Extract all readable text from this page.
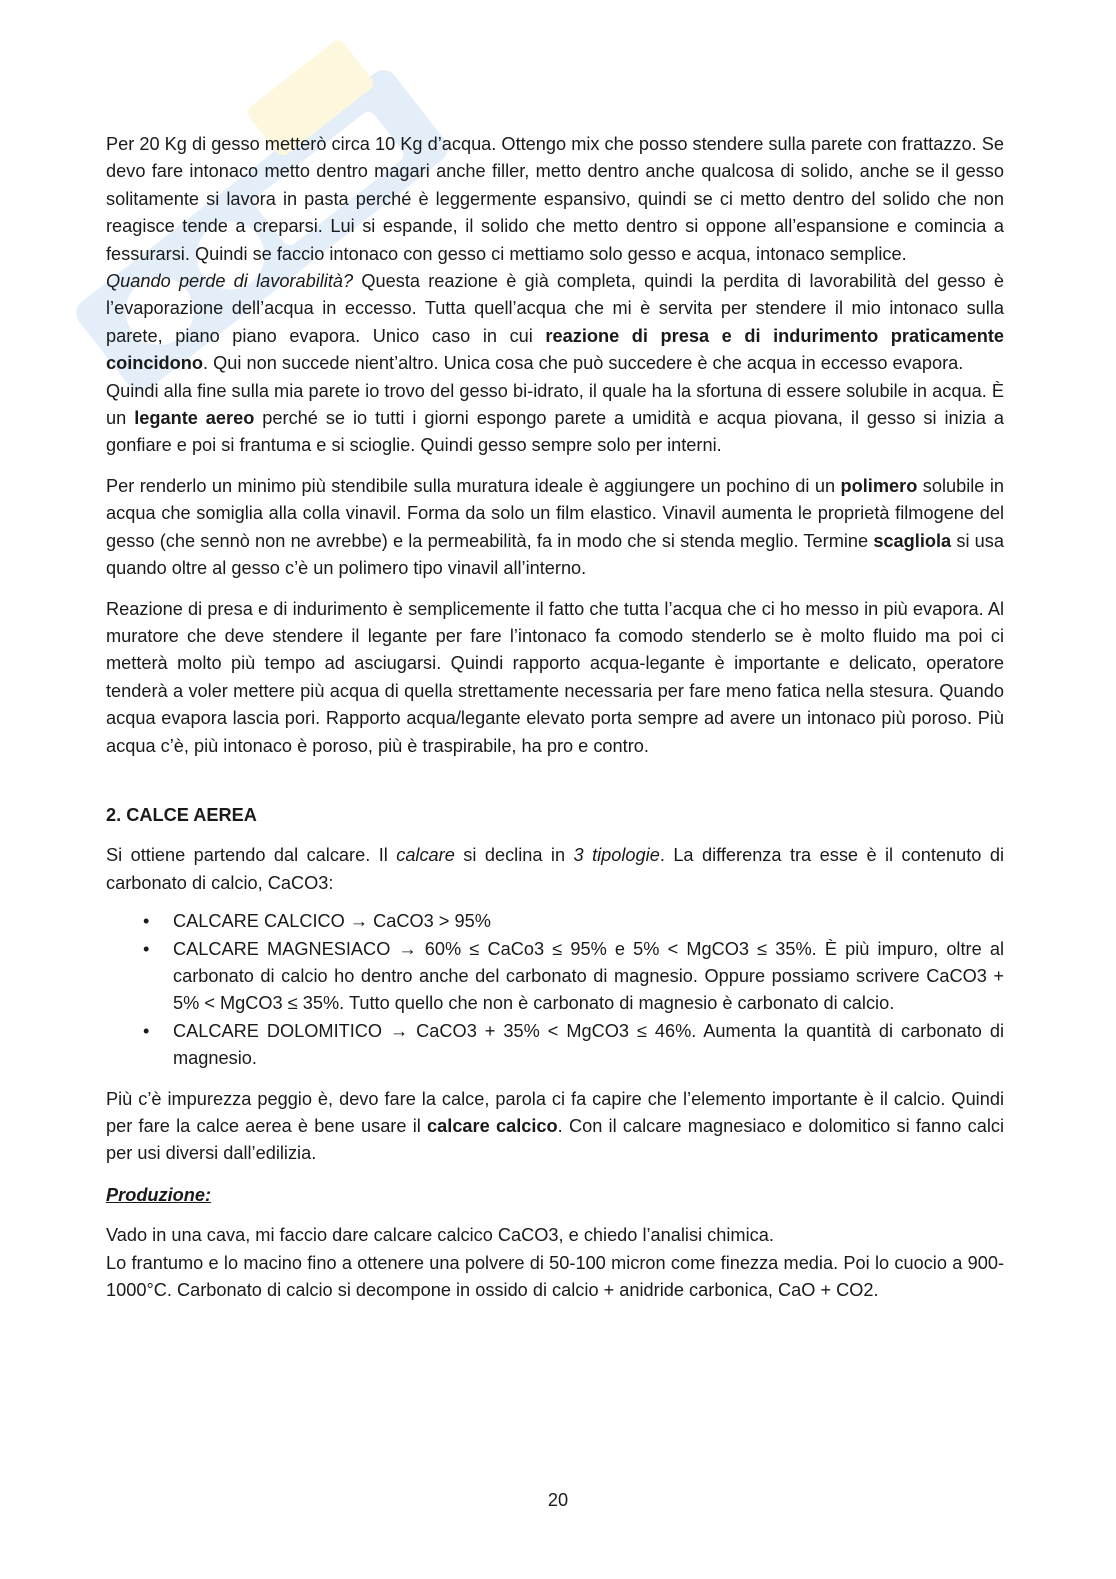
Per 20 Kg di gesso metterò circa 10 Kg d’acqua. Ottengo mix che posso stendere sulla parete con frattazzo. Se devo fare intonaco metto dentro magari anche filler, metto dentro anche qualcosa di solido, anche se il gesso solitamente si lavora in pasta perché è leggermente espansivo, quindi se ci metto dentro del solido che non reagisce tende a creparsi. Lui si espande, il solido che metto dentro si oppone all’espansione e comincia a fessurarsi. Quindi se faccio intonaco con gesso ci mettiamo solo gesso e acqua, intonaco semplice.

Quando perde di lavorabilità? Questa reazione è già completa, quindi la perdita di lavorabilità del gesso è l’evaporazione dell’acqua in eccesso. Tutta quell’acqua che mi è servita per stendere il mio intonaco sulla parete, piano piano evapora. Unico caso in cui reazione di presa e di indurimento praticamente coincidono. Qui non succede nient’altro. Unica cosa che può succedere è che acqua in eccesso evapora.

Quindi alla fine sulla mia parete io trovo del gesso bi-idrato, il quale ha la sfortuna di essere solubile in acqua. È un legante aereo perché se io tutti i giorni espongo parete a umidità e acqua piovana, il gesso si inizia a gonfiare e poi si frantuma e si scioglie. Quindi gesso sempre solo per interni.

Per renderlo un minimo più stendibile sulla muratura ideale è aggiungere un pochino di un polimero solubile in acqua che somiglia alla colla vinavil. Forma da solo un film elastico. Vinavil aumenta le proprietà filmogene del gesso (che sennò non ne avrebbe) e la permeabilità, fa in modo che si stenda meglio. Termine scagliola si usa quando oltre al gesso c’è un polimero tipo vinavil all’interno.

Reazione di presa e di indurimento è semplicemente il fatto che tutta l’acqua che ci ho messo in più evapora. Al muratore che deve stendere il legante per fare l’intonaco fa comodo stenderlo se è molto fluido ma poi ci metterà molto più tempo ad asciugarsi. Quindi rapporto acqua-legante è importante e delicato, operatore tenderà a voler mettere più acqua di quella strettamente necessaria per fare meno fatica nella stesura. Quando acqua evapora lascia pori. Rapporto acqua/legante elevato porta sempre ad avere un intonaco più poroso. Più acqua c’è, più intonaco è poroso, più è traspirabile, ha pro e contro.

2. CALCE AEREA

Si ottiene partendo dal calcare. Il calcare si declina in 3 tipologie. La differenza tra esse è il contenuto di carbonato di calcio, CaCO3:

• CALCARE CALCICO → CaCO3 > 95%
• CALCARE MAGNESIACO → 60% ≤ CaCo3 ≤ 95% e 5% < MgCO3 ≤ 35%. È più impuro, oltre al carbonato di calcio ho dentro anche del carbonato di magnesio. Oppure possiamo scrivere CaCO3 + 5% < MgCO3 ≤ 35%. Tutto quello che non è carbonato di magnesio è carbonato di calcio.
• CALCARE DOLOMITICO → CaCO3 + 35% < MgCO3 ≤ 46%. Aumenta la quantità di carbonato di magnesio.

Più c’è impurezza peggio è, devo fare la calce, parola ci fa capire che l’elemento importante è il calcio. Quindi per fare la calce aerea è bene usare il calcare calcico. Con il calcare magnesiaco e dolomitico si fanno calci per usi diversi dall’edilizia.

Produzione:

Vado in una cava, mi faccio dare calcare calcico CaCO3, e chiedo l’analisi chimica.
Lo frantumo e lo macino fino a ottenere una polvere di 50-100 micron come finezza media. Poi lo cuocio a 900-1000°C. Carbonato di calcio si decompone in ossido di calcio + anidride carbonica, CaO + CO2.

20
